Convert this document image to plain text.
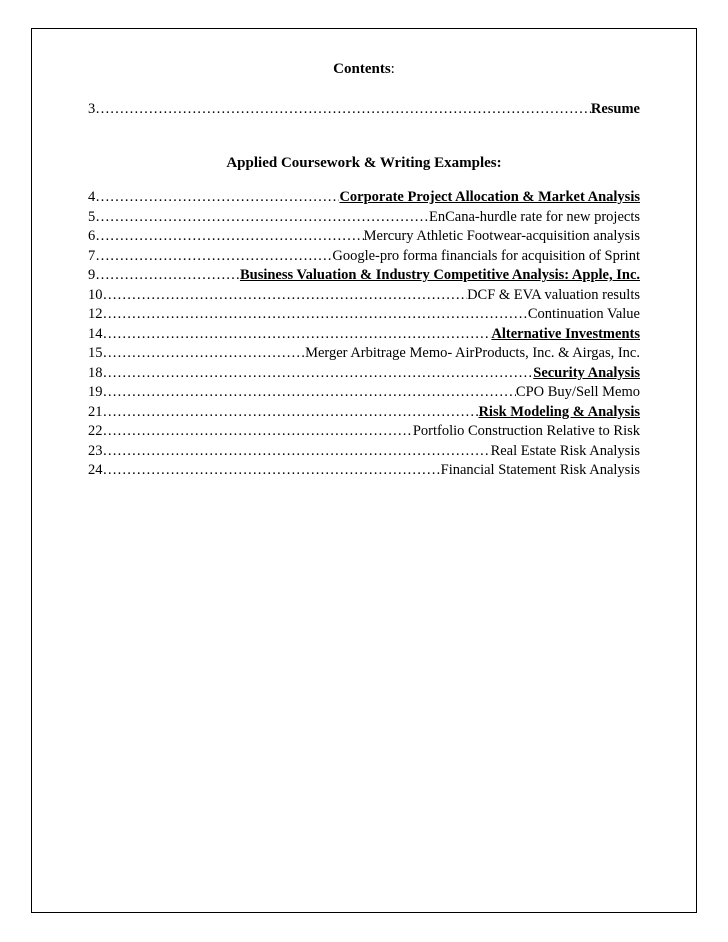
Contents:
3 ………………………………………………………………………………………………………………………………	Resume
Applied Coursework & Writing Examples:
4 ………………………………………………………………………………………………………………………………	Corporate Project Allocation & Market Analysis
5 ………………………………………………………………………………………………………………………………	EnCana-hurdle rate for new projects
6 ………………………………………………………………………………………………………………………………	Mercury Athletic Footwear-acquisition analysis
7 ………………………………………………………………………………………………………………………………	Google-pro forma financials for acquisition of Sprint
9 ………………………………………………………………………………………………………………………………	Business Valuation & Industry Competitive Analysis: Apple, Inc.
10 ………………………………………………………………………………………………………………………………	DCF & EVA valuation results
12 ………………………………………………………………………………………………………………………………	Continuation Value
14 ………………………………………………………………………………………………………………………………	Alternative Investments
15 ………………………………………………………………………………………………………………………………	Merger Arbitrage Memo- AirProducts, Inc. & Airgas, Inc.
18 ………………………………………………………………………………………………………………………………	Security Analysis
19 ………………………………………………………………………………………………………………………………	CPO Buy/Sell Memo
21 ………………………………………………………………………………………………………………………………	Risk Modeling & Analysis
22 ………………………………………………………………………………………………………………………………	Portfolio Construction Relative to Risk
23 ………………………………………………………………………………………………………………………………	Real Estate Risk Analysis
24 ………………………………………………………………………………………………………………………………	Financial Statement Risk Analysis
